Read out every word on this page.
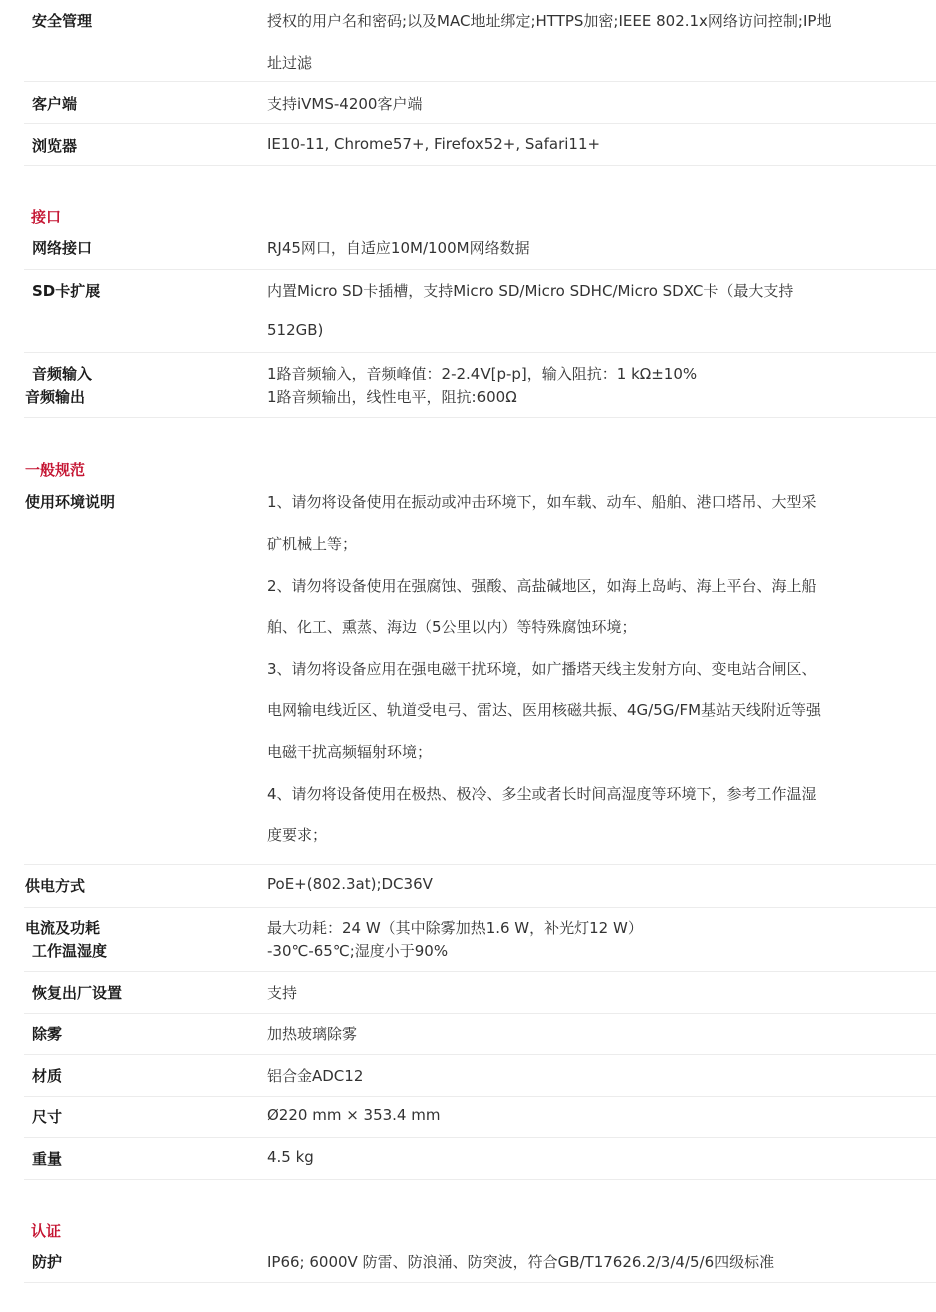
安全管理	授权的用户名和密码;以及MAC地址绑定;HTTPS加密;IEEE 802.1x网络访问控制;IP地
址过滤
客户端	支持iVMS-4200客户端
浏览器	IE10-11, Chrome57+, Firefox52+, Safari11+
接口
网络接口	RJ45网口，自适应10M/100M网络数据
SD卡扩展	内置Micro SD卡插槽，支持Micro SD/Micro SDHC/Micro SDXC卡（最大支持
512GB)
音频输入	1路音频输入，音频峰值：2-2.4V[p-p]，输入阻抗：1 kΩ±10%
音频输出	1路音频输出，线性电平，阻抗:600Ω
一般规范
使用环境说明	1、请勿将设备使用在振动或冲击环境下，如车载、动车、船舶、港口塔吊、大型采
矿机械上等；
2、请勿将设备使用在强腐蚀、强酸、高盐碱地区，如海上岛屿、海上平台、海上船
舶、化工、熏蒸、海边（5公里以内）等特殊腐蚀环境；
3、请勿将设备应用在强电磁干扰环境，如广播塔天线主发射方向、变电站合闸区、
电网输电线近区、轨道受电弓、雷达、医用核磁共振、4G/5G/FM基站天线附近等强
电磁干扰高频辐射环境；
4、请勿将设备使用在极热、极冷、多尘或者长时间高湿度等环境下，参考工作温湿
度要求；
供电方式	PoE+(802.3at);DC36V
电流及功耗	最大功耗：24 W（其中除雾加热1.6 W，补光灯12 W）
工作温湿度	-30℃-65℃;湿度小于90%
恢复出厂设置	支持
除雾	加热玻璃除雾
材质	铝合金ADC12
尺寸	Ø220 mm × 353.4 mm
重量	4.5 kg
认证
防护	IP66; 6000V 防雷、防浪涌、防突波，符合GB/T17626.2/3/4/5/6四级标准
